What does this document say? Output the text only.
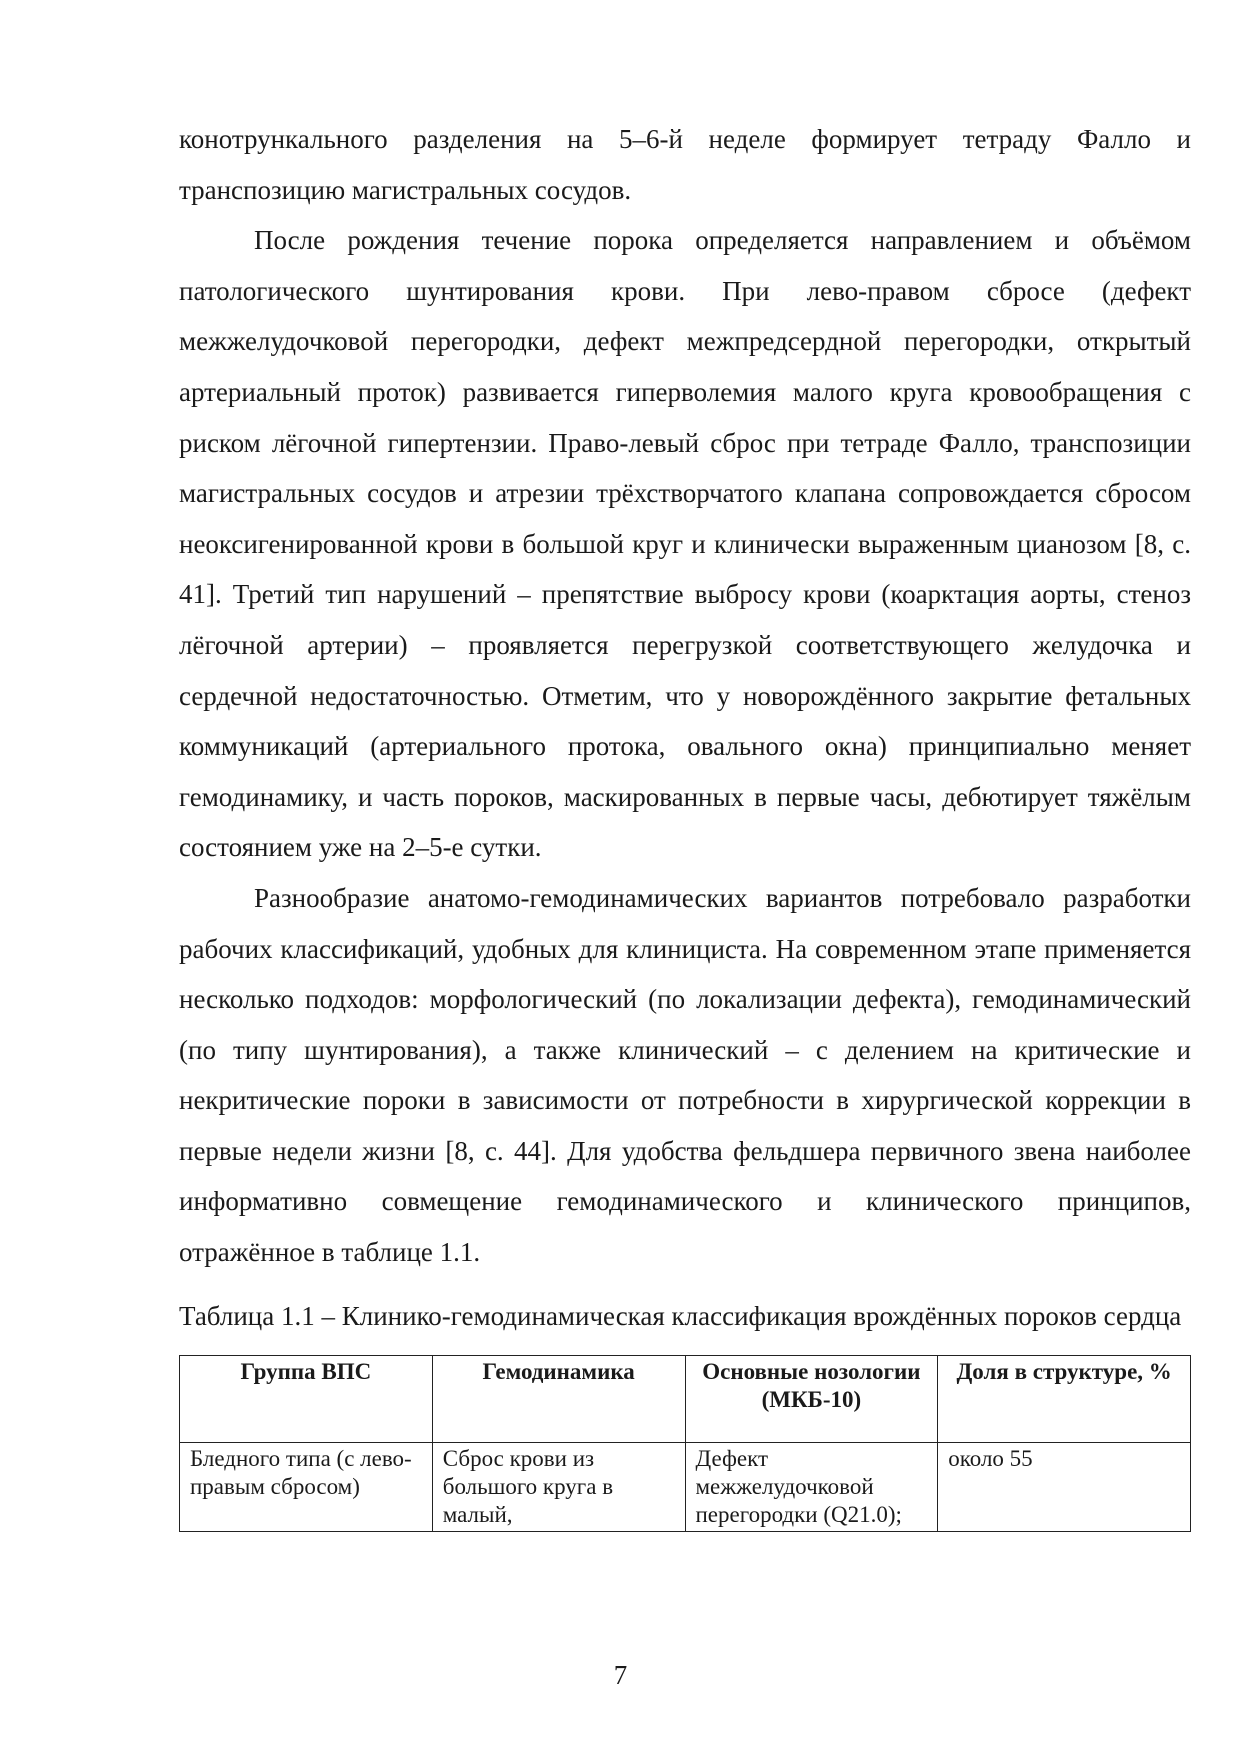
конотрункального разделения на 5–6-й неделе формирует тетраду Фалло и транспозицию магистральных сосудов.

После рождения течение порока определяется направлением и объёмом патологического шунтирования крови. При лево-правом сбросе (дефект межжелудочковой перегородки, дефект межпредсердной перегородки, открытый артериальный проток) развивается гиперволемия малого круга кровообращения с риском лёгочной гипертензии. Право-левый сброс при тетраде Фалло, транспозиции магистральных сосудов и атрезии трёхстворчатого клапана сопровождается сбросом неоксигенированной крови в большой круг и клинически выраженным цианозом [8, с. 41]. Третий тип нарушений – препятствие выбросу крови (коарктация аорты, стеноз лёгочной артерии) – проявляется перегрузкой соответствующего желудочка и сердечной недостаточностью. Отметим, что у новорождённого закрытие фетальных коммуникаций (артериального протока, овального окна) принципиально меняет гемодинамику, и часть пороков, маскированных в первые часы, дебютирует тяжёлым состоянием уже на 2–5-е сутки.

Разнообразие анатомо-гемодинамических вариантов потребовало разработки рабочих классификаций, удобных для клинициста. На современном этапе применяется несколько подходов: морфологический (по локализации дефекта), гемодинамический (по типу шунтирования), а также клинический – с делением на критические и некритические пороки в зависимости от потребности в хирургической коррекции в первые недели жизни [8, с. 44]. Для удобства фельдшера первичного звена наиболее информативно совмещение гемодинамического и клинического принципов, отражённое в таблице 1.1.

Таблица 1.1 – Клинико-гемодинамическая классификация врождённых пороков сердца

Группа ВПС	Гемодинамика	Основные нозологии (МКБ-10)	Доля в структуре, %
Бледного типа (с лево-правым сбросом)	Сброс крови из большого круга в малый,	Дефект межжелудочковой перегородки (Q21.0);	около 55
7
